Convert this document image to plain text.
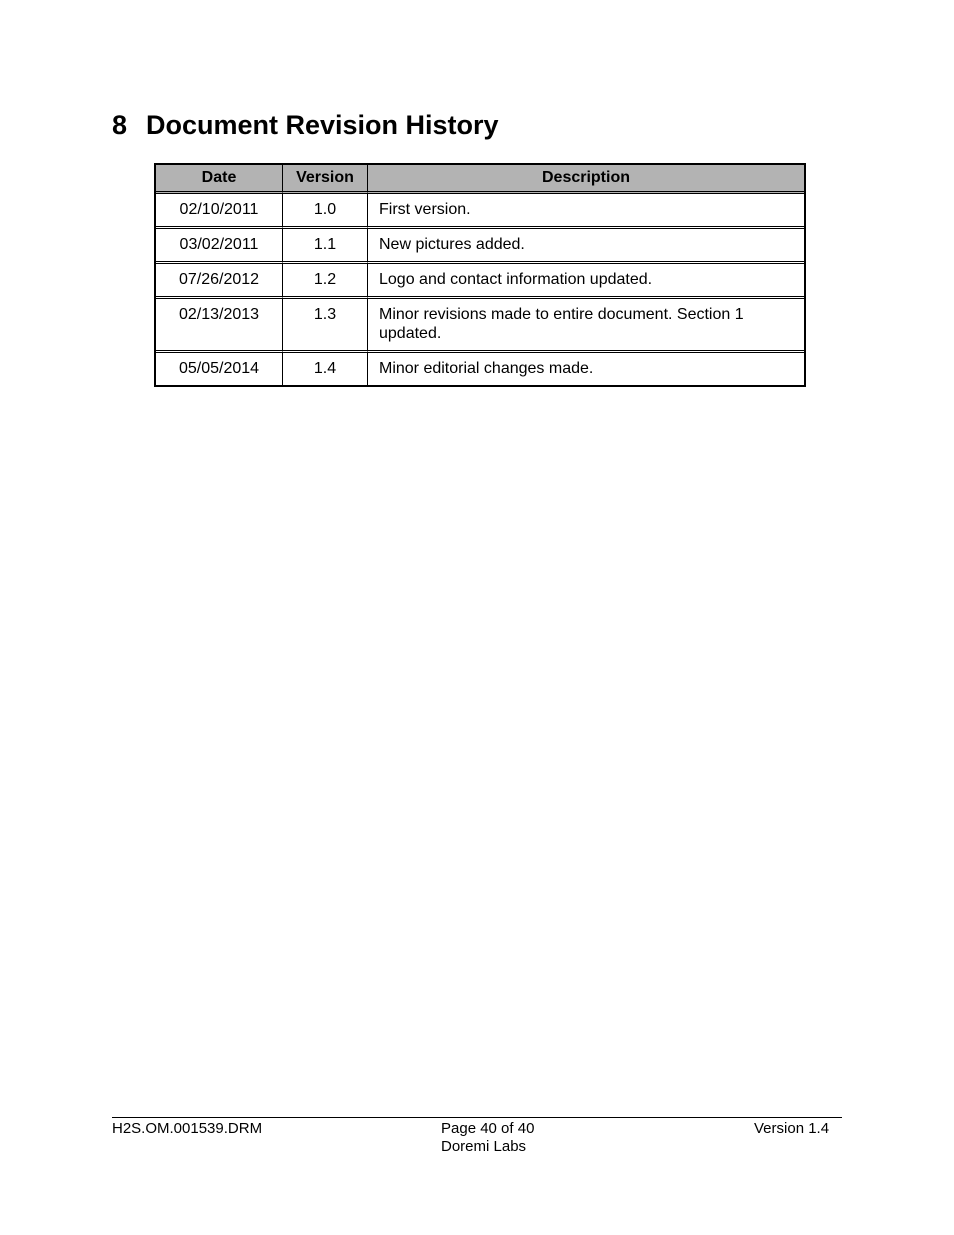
8 Document Revision History
Date	Version	Description
02/10/2011	1.0	First version.
03/02/2011	1.1	New pictures added.
07/26/2012	1.2	Logo and contact information updated.
02/13/2013	1.3	Minor revisions made to entire document. Section 1 updated.
05/05/2014	1.4	Minor editorial changes made.
H2S.OM.001539.DRM	Page 40 of 40
Doremi Labs
Version 1.4
